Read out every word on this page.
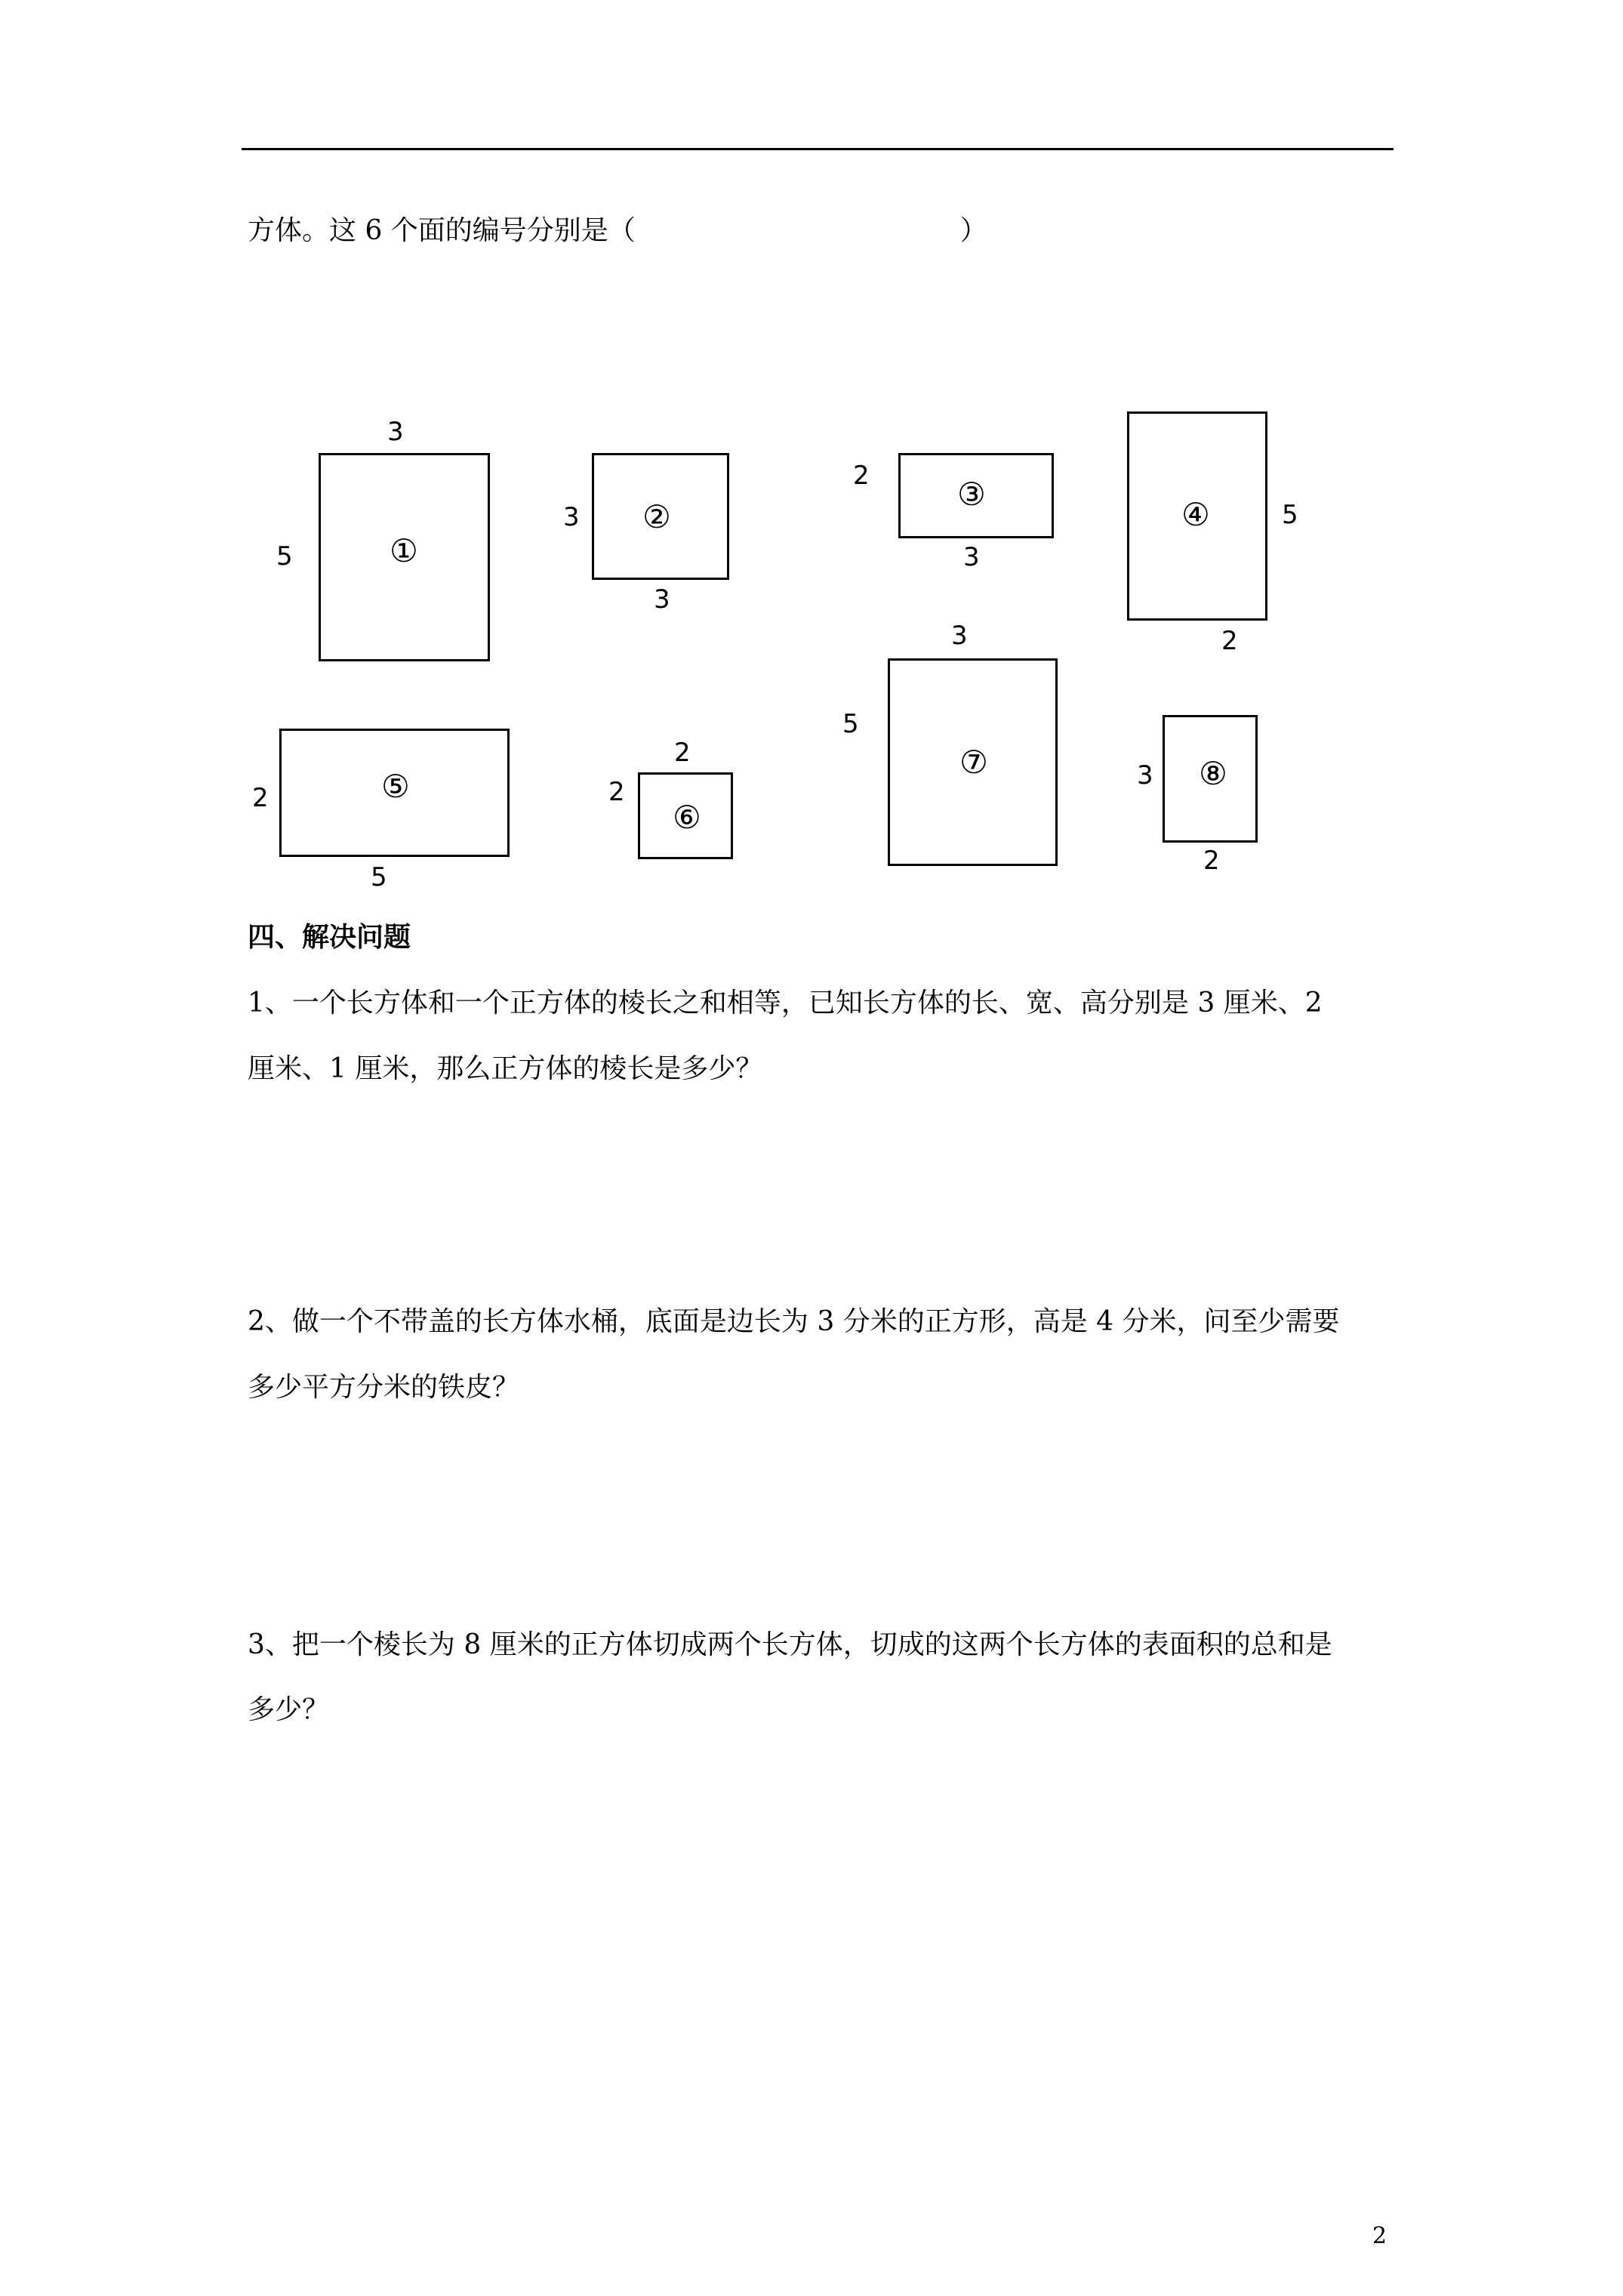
方体。这 6 个面的编号分别是（	）
①
3
5
②
3
3
③
2
3
④	5
2
⑤
2
5
⑥
2
2
⑦
3
5
⑧
3
2
四、解决问题
1、一个长方体和一个正方体的棱长之和相等，已知长方体的长、宽、高分别是 3 厘米、2
厘米、1 厘米，那么正方体的棱长是多少？
2、做一个不带盖的长方体水桶，底面是边长为 3 分米的正方形，高是 4 分米，问至少需要
多少平方分米的铁皮？
3、把一个棱长为 8 厘米的正方体切成两个长方体，切成的这两个长方体的表面积的总和是
多少？
2
